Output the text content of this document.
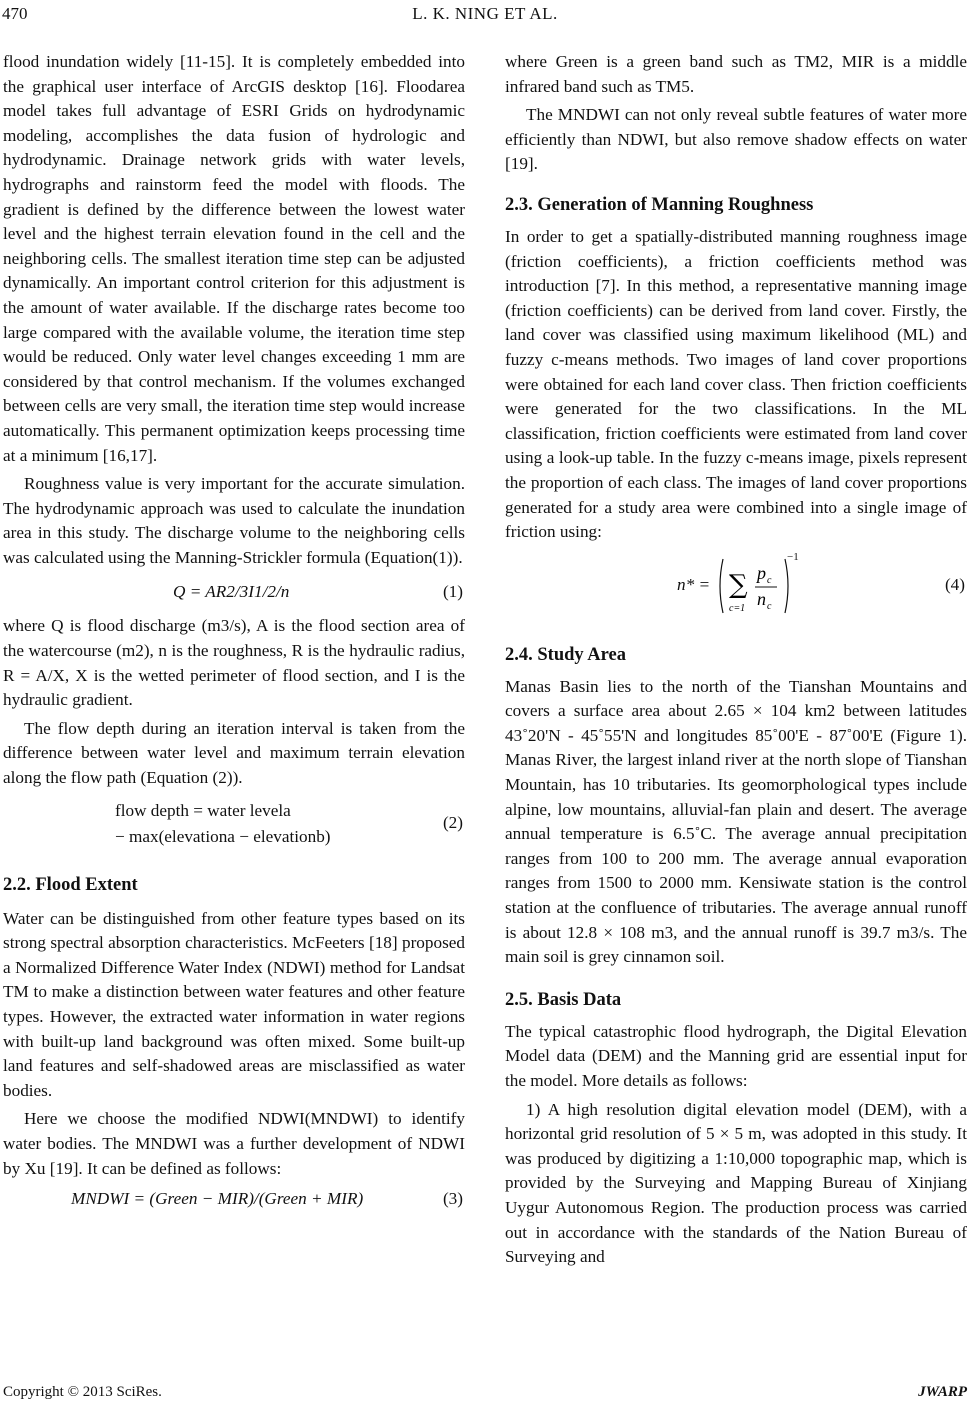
470	L. K. NING ET AL.

flood inundation widely [11-15]. It is completely embedded into the graphical user interface of ArcGIS desktop [16]. Floodarea model takes full advantage of ESRI Grids on hydrodynamic modeling, accomplishes the data fusion of hydrologic and hydrodynamic. Drainage network grids with water levels, hydrographs and rainstorm feed the model with floods. The gradient is defined by the difference between the lowest water level and the highest terrain elevation found in the cell and the neighboring cells. The smallest iteration time step can be adjusted dynamically. An important control criterion for this adjustment is the amount of water available. If the discharge rates become too large compared with the available volume, the iteration time step would be reduced. Only water level changes exceeding 1 mm are considered by that control mechanism. If the volumes exchanged between cells are very small, the iteration time step would increase automatically. This permanent optimization keeps processing time at a minimum [16,17].

Roughness value is very important for the accurate simulation. The hydrodynamic approach was used to calculate the inundation area in this study. The discharge volume to the neighboring cells was calculated using the Manning-Strickler formula (Equation(1)).

Q = AR2/3I1/2/n	(1)

where Q is flood discharge (m3/s), A is the flood section area of the watercourse (m2), n is the roughness, R is the hydraulic radius, R = A/X, X is the wetted perimeter of flood section, and I is the hydraulic gradient.

The flow depth during an iteration interval is taken from the difference between water level and maximum terrain elevation along the flow path (Equation (2)).

flow depth = water levela
− max(elevationa − elevationb)
(2)
2.2. Flood Extent

Water can be distinguished from other feature types based on its strong spectral absorption characteristics. McFeeters [18] proposed a Normalized Difference Water Index (NDWI) method for Landsat TM to make a distinction between water features and other feature types. However, the extracted water information in water regions with built-up land background was often mixed. Some built-up land features and self-shadowed areas are misclassified as water bodies.

Here we choose the modified NDWI(MNDWI) to identify water bodies. The MNDWI was a further development of NDWI by Xu [19]. It can be defined as follows:

MNDWI = (Green − MIR)/(Green + MIR)	(3)

where Green is a green band such as TM2, MIR is a middle infrared band such as TM5.

The MNDWI can not only reveal subtle features of water more efficiently than NDWI, but also remove shadow effects on water [19].

2.3. Generation of Manning Roughness

In order to get a spatially-distributed manning roughness image (friction coefficients), a friction coefficients method was introduction [7]. In this method, a representative manning image (friction coefficients) can be derived from land cover. Firstly, the land cover was classified using maximum likelihood (ML) and fuzzy c-means methods. Two images of land cover proportions were obtained for each land cover class. Then friction coefficients were generated for the two classifications. In the ML classification, friction coefficients were estimated from land cover using a look-up table. In the fuzzy c-means image, pixels represent the proportion of each class. The images of land cover proportions generated for a study area were combined into a single image of friction using:

n* = ∑
c=1
p c
n c
−1
(4)
2.4. Study Area

Manas Basin lies to the north of the Tianshan Mountains and covers a surface area about 2.65 × 104 km2 between latitudes 43˚20'N - 45˚55'N and longitudes 85˚00'E - 87˚00'E (Figure 1). Manas River, the largest inland river at the north slope of Tianshan Mountain, has 10 tributaries. Its geomorphological types include alpine, low mountains, alluvial-fan plain and desert. The average annual temperature is 6.5˚C. The average annual precipitation ranges from 100 to 200 mm. The average annual evaporation ranges from 1500 to 2000 mm. Kensiwate station is the control station at the confluence of tributaries. The average annual runoff is about 12.8 × 108 m3, and the annual runoff is 39.7 m3/s. The main soil is grey cinnamon soil.

2.5. Basis Data

The typical catastrophic flood hydrograph, the Digital Elevation Model data (DEM) and the Manning grid are essential input for the model. More details as follows:

1) A high resolution digital elevation model (DEM), with a horizontal grid resolution of 5 × 5 m, was adopted in this study. It was produced by digitizing a 1:10,000 topographic map, which is provided by the Surveying and Mapping Bureau of Xinjiang Uygur Autonomous Region. The production process was carried out in accordance with the standards of the Nation Bureau of Surveying and

Copyright © 2013 SciRes.	JWARP
